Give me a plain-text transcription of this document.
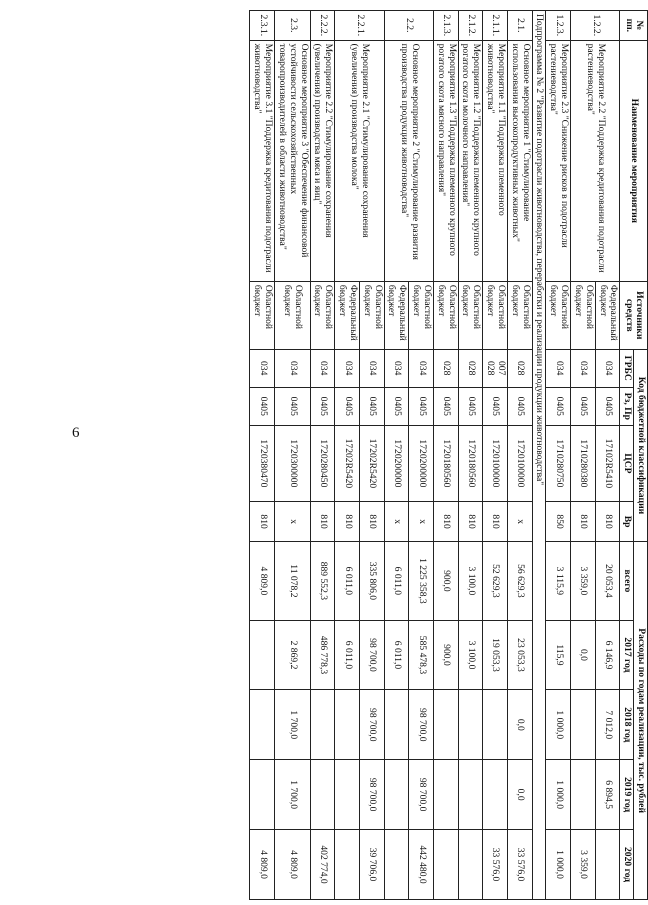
6
№ пп.	Наименование мероприятия	Источники средств	Код бюджетной классификации				Расходы по годам реализации, тыс. рублей				
			ГРБС	Рз, Пр	ЦСР	Вр	всего	2017 год	2018 год	2019 год	2020 год
1.2.2.	Мероприятие 2.2 "Поддержка кредитования подотрасли растениеводства"	Федеральный бюджет	034	0405	17102R5410	810	20 053,4	6 146,9	7 012,0	6 894,5	
		Областной бюджет	034	0405	1710280380	810	3 359,0	0,0			3 359,0
1.2.3.	Мероприятие 2.3 "Снижение рисков в подотрасли растениеводства"	Областной бюджет	034	0405	1710280750	850	3 115,9	115,9	1 000,0	1 000,0	1 000,0
Подпрограмма № 2 "Развитие подотрасли животноводства, переработки и реализации продукции животноводства"											
2.1.	Основное мероприятие 1 "Стимулирование использования высокопродуктивных животных"	Областной бюджет	028	0405	1720100000	х	56 629,3	23 053,3	0,0	0,0	33 576,0
2.1.1.	Мероприятие 1.1 "Поддержка племенного животноводства"	Областной бюджет	007 028	0405	1720100000	810	52 629,3	19 053,3			33 576,0
2.1.2.	Мероприятие 1.2 "Поддержка племенного крупного рогатого скота молочного направления"	Областной бюджет	028	0405	1720180560	810	3 100,0	3 100,0			
2.1.3.	Мероприятие 1.3 "Поддержка племенного крупного рогатого скота мясного направления"	Областной бюджет	028	0405	1720180560	810	900,0	900,0			
2.2.	Основное мероприятие 2 "Стимулирование развития производства продукции животноводства"	Областной бюджет	034	0405	1720200000	х	1 225 358,3	585 478,3	98 700,0	98 700,0	442 480,0
		Федеральный бюджет	034	0405	1720200000	х	6 011,0	6 011,0			
2.2.1.	Мероприятие 2.1 "Стимулирование сохранения (увеличения) производства молока"	Областной бюджет	034	0405	17202R5420	810	335 806,0	98 700,0	98 700,0	98 700,0	39 706,0
		Федеральный бюджет	034	0405	17202R5420	810	6 011,0	6 011,0			
2.2.2.	Мероприятие 2.2 "Стимулирование сохранения (увеличения) производства мяса и яиц"	Областной бюджет	034	0405	1720280450	810	889 552,3	486 778,3			402 774,0
2.3.	Основное мероприятие 3 "Обеспечение финансовой устойчивости сельскохозяйственных товаропроизводителей в области животноводства"	Областной бюджет	034	0405	1720300000	х	11 078,2	2 869,2	1 700,0	1 700,0	4 809,0
2.3.1.	Мероприятие 3.1 "Поддержка кредитования подотрасли животноводства"	Областной бюджет	034	0405	1720380470	810	4 809,0				4 809,0
